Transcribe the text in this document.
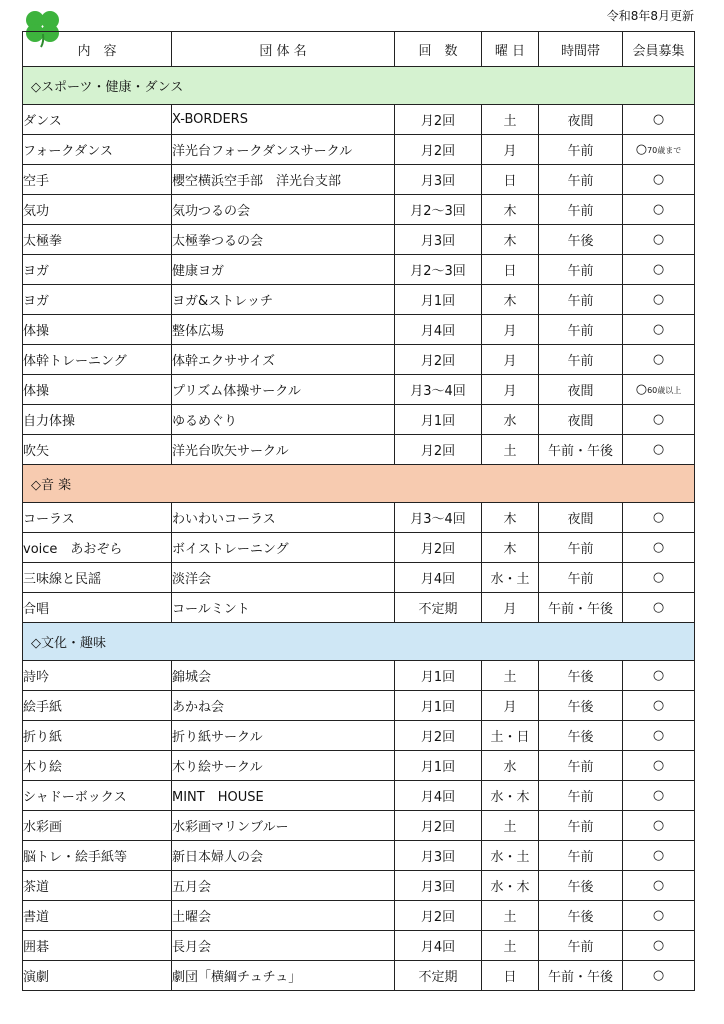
令和8年8月更新
内　容	団 体 名	回　数	曜 日	時間帯	会員募集
◇スポーツ・健康・ダンス					
ダンス	X-BORDERS	月2回	土	夜間	○
フォークダンス	洋光台フォークダンスサークル	月2回	月	午前	○70歳まで
空手	櫻空横浜空手部　洋光台支部	月3回	日	午前	○
気功	気功つるの会	月2～3回	木	午前	○
太極拳	太極拳つるの会	月3回	木	午後	○
ヨガ	健康ヨガ	月2～3回	日	午前	○
ヨガ	ヨガ&ストレッチ	月1回	木	午前	○
体操	整体広場	月4回	月	午前	○
体幹トレーニング	体幹エクササイズ	月2回	月	午前	○
体操	プリズム体操サークル	月3～4回	月	夜間	○60歳以上
自力体操	ゆるめぐり	月1回	水	夜間	○
吹矢	洋光台吹矢サークル	月2回	土	午前・午後	○
◇音 楽					
コーラス	わいわいコーラス	月3～4回	木	夜間	○
voice　あおぞら	ボイストレーニング	月2回	木	午前	○
三味線と民謡	淡洋会	月4回	水・土	午前	○
合唱	コールミント	不定期	月	午前・午後	○
◇文化・趣味					
詩吟	錦城会	月1回	土	午後	○
絵手紙	あかね会	月1回	月	午後	○
折り紙	折り紙サークル	月2回	土・日	午後	○
木り絵	木り絵サークル	月1回	水	午前	○
シャドーボックス	MINT　HOUSE	月4回	水・木	午前	○
水彩画	水彩画マリンブルー	月2回	土	午前	○
脳トレ・絵手紙等	新日本婦人の会	月3回	水・土	午前	○
茶道	五月会	月3回	水・木	午後	○
書道	土曜会	月2回	土	午後	○
囲碁	長月会	月4回	土	午前	○
演劇	劇団「横綱チュチュ」	不定期	日	午前・午後	○
